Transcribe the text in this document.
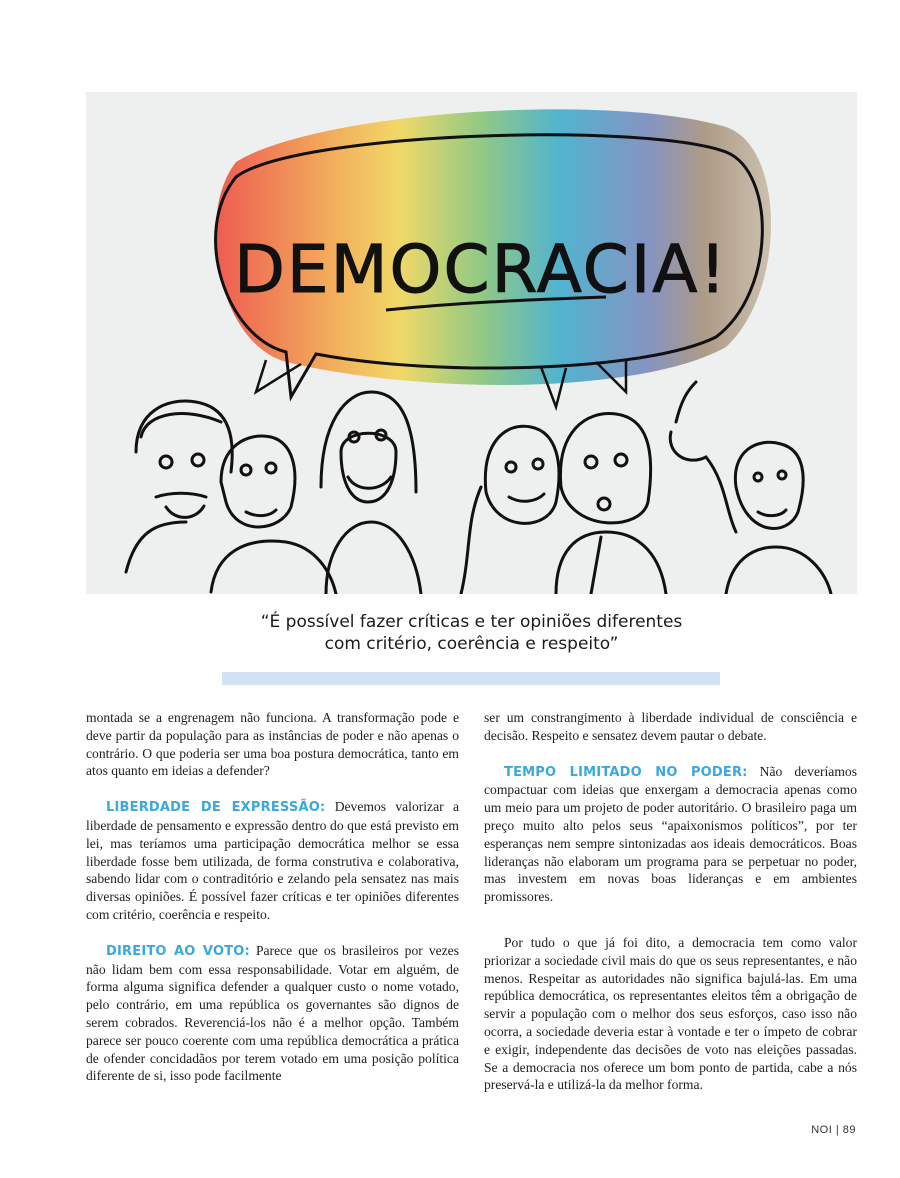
DEMOCRACIA!
“É possível fazer críticas e ter opiniões diferentes
com critério, coerência e respeito”

montada se a engrenagem não funciona. A transformação pode e deve partir da população para as instâncias de poder e não apenas o contrário. O que poderia ser uma boa postura democrática, tanto em atos quanto em ideias a defender?

LIBERDADE DE EXPRESSÃO: Devemos valorizar a liberdade de pensamento e expressão dentro do que está previsto em lei, mas teríamos uma participação democrática melhor se essa liberdade fosse bem utilizada, de forma construtiva e colaborativa, sabendo lidar com o contraditório e zelando pela sensatez nas mais diversas opiniões. É possível fazer críticas e ter opiniões diferentes com critério, coerência e respeito.

DIREITO AO VOTO: Parece que os brasileiros por vezes não lidam bem com essa responsabilidade. Votar em alguém, de forma alguma significa defender a qualquer custo o nome votado, pelo contrário, em uma república os governantes são dignos de serem cobrados. Reverenciá-los não é a melhor opção. Também parece ser pouco coerente com uma república democrática a prática de ofender concidadãos por terem votado em uma posição política diferente de si, isso pode facilmente

ser um constrangimento à liberdade individual de consciência e decisão. Respeito e sensatez devem pautar o debate.

TEMPO LIMITADO NO PODER: Não deveríamos compactuar com ideias que enxergam a democracia apenas como um meio para um projeto de poder autoritário. O brasileiro paga um preço muito alto pelos seus “apaixonismos políticos”, por ter esperanças nem sempre sintonizadas aos ideais democráticos. Boas lideranças não elaboram um programa para se perpetuar no poder, mas investem em novas boas lideranças e em ambientes promissores.

Por tudo o que já foi dito, a democracia tem como valor priorizar a sociedade civil mais do que os seus representantes, e não menos. Respeitar as autoridades não significa bajulá-las. Em uma república democrática, os representantes eleitos têm a obrigação de servir a população com o melhor dos seus esforços, caso isso não ocorra, a sociedade deveria estar à vontade e ter o ímpeto de cobrar e exigir, independente das decisões de voto nas eleições passadas. Se a democracia nos oferece um bom ponto de partida, cabe a nós preservá-la e utilizá-la da melhor forma.

NOI | 89
